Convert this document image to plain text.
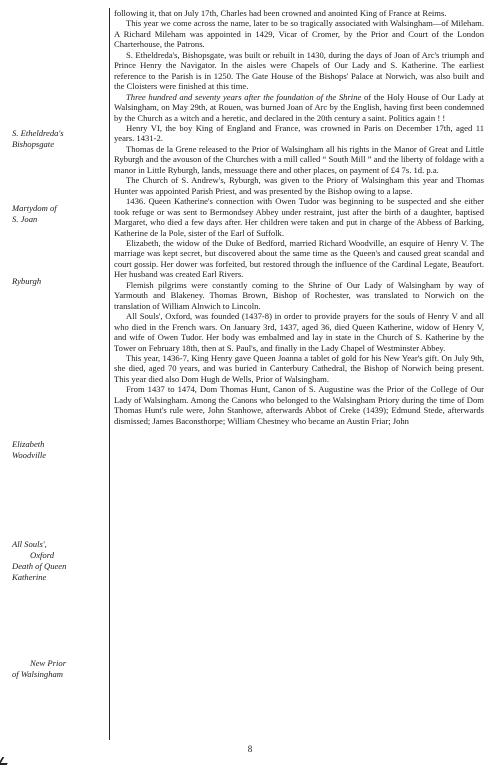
S. Etheldreda's
Bishopsgate
Martydom of
S. Joan
Ryburgh
Elizabeth
Woodville
All Souls',

Oxford
Death of Queen
Katherine
New Prior
of Walsingham

following it, that on July 17th, Charles had been crowned and anointed King of France at Reims.

This year we come across the name, later to be so tragically associated with Walsingham—of Mileham. A Richard Mileham was appointed in 1429, Vicar of Cromer, by the Prior and Court of the London Charterhouse, the Patrons.

S. Etheldreda's, Bishopsgate, was built or rebuilt in 1430, during the days of Joan of Arc's triumph and Prince Henry the Navigator. In the aisles were Chapels of Our Lady and S. Katherine. The earliest reference to the Parish is in 1250. The Gate House of the Bishops' Palace at Norwich, was also built and the Cloisters were finished at this time.

Three hundred and seventy years after the foundation of the Shrine of the Holy House of Our Lady at Walsingham, on May 29th, at Rouen, was burned Joan of Arc by the English, having first been condemned by the Church as a witch and a heretic, and declared in the 20th century a saint. Politics again ! !

Henry VI, the boy King of England and France, was crowned in Paris on December 17th, aged 11 years. 1431-2.

Thomas de la Grene released to the Prior of Walsingham all his rights in the Manor of Great and Little Ryburgh and the avouson of the Churches with a mill called “ South Mill ” and the liberty of foldage with a manor in Little Ryburgh, lands, messuage there and other places, on payment of £4 7s. 1d. p.a.

The Church of S. Andrew's, Ryburgh, was given to the Priory of Walsingham this year and Thomas Hunter was appointed Parish Priest, and was presented by the Bishop owing to a lapse.

1436. Queen Katherine's connection with Owen Tudor was beginning to be suspected and she either took refuge or was sent to Bermondsey Abbey under restraint, just after the birth of a daughter, baptised Margaret, who died a few days after. Her children were taken and put in charge of the Abbess of Barking, Katherine de la Pole, sister of the Earl of Suffolk.

Elizabeth, the widow of the Duke of Bedford, married Richard Woodville, an esquire of Henry V. The marriage was kept secret, but discovered about the same time as the Queen's and caused great scandal and court gossip. Her dower was forfeited, but restored through the influence of the Cardinal Legate, Beaufort. Her husband was created Earl Rivers.

Flemish pilgrims were constantly coming to the Shrine of Our Lady of Walsingham by way of Yarmouth and Blakeney. Thomas Brown, Bishop of Rochester, was translated to Norwich on the translation of William Alnwich to Lincoln.

All Souls', Oxford, was founded (1437-8) in order to provide prayers for the souls of Henry V and all who died in the French wars. On January 3rd, 1437, aged 36, died Queen Katherine, widow of Henry V, and wife of Owen Tudor. Her body was embalmed and lay in state in the Church of S. Katherine by the Tower on February 18th, then at S. Paul's, and finally in the Lady Chapel of Westminster Abbey.

This year, 1436-7, King Henry gave Queen Joanna a tablet of gold for his New Year's gift. On July 9th, she died, aged 70 years, and was buried in Canterbury Cathedral, the Bishop of Norwich being present. This year died also Dom Hugh de Wells, Prior of Walsingham.

From 1437 to 1474, Dom Thomas Hunt, Canon of S. Augustine was the Prior of the College of Our Lady of Walsingham. Among the Canons who belonged to the Walsingham Priory during the time of Dom Thomas Hunt's rule were, John Stanhowe, afterwards Abbot of Creke (1439); Edmund Stede, afterwards dismissed; James Baconsthorpe; William Chestney who became an Austin Friar; John

8
